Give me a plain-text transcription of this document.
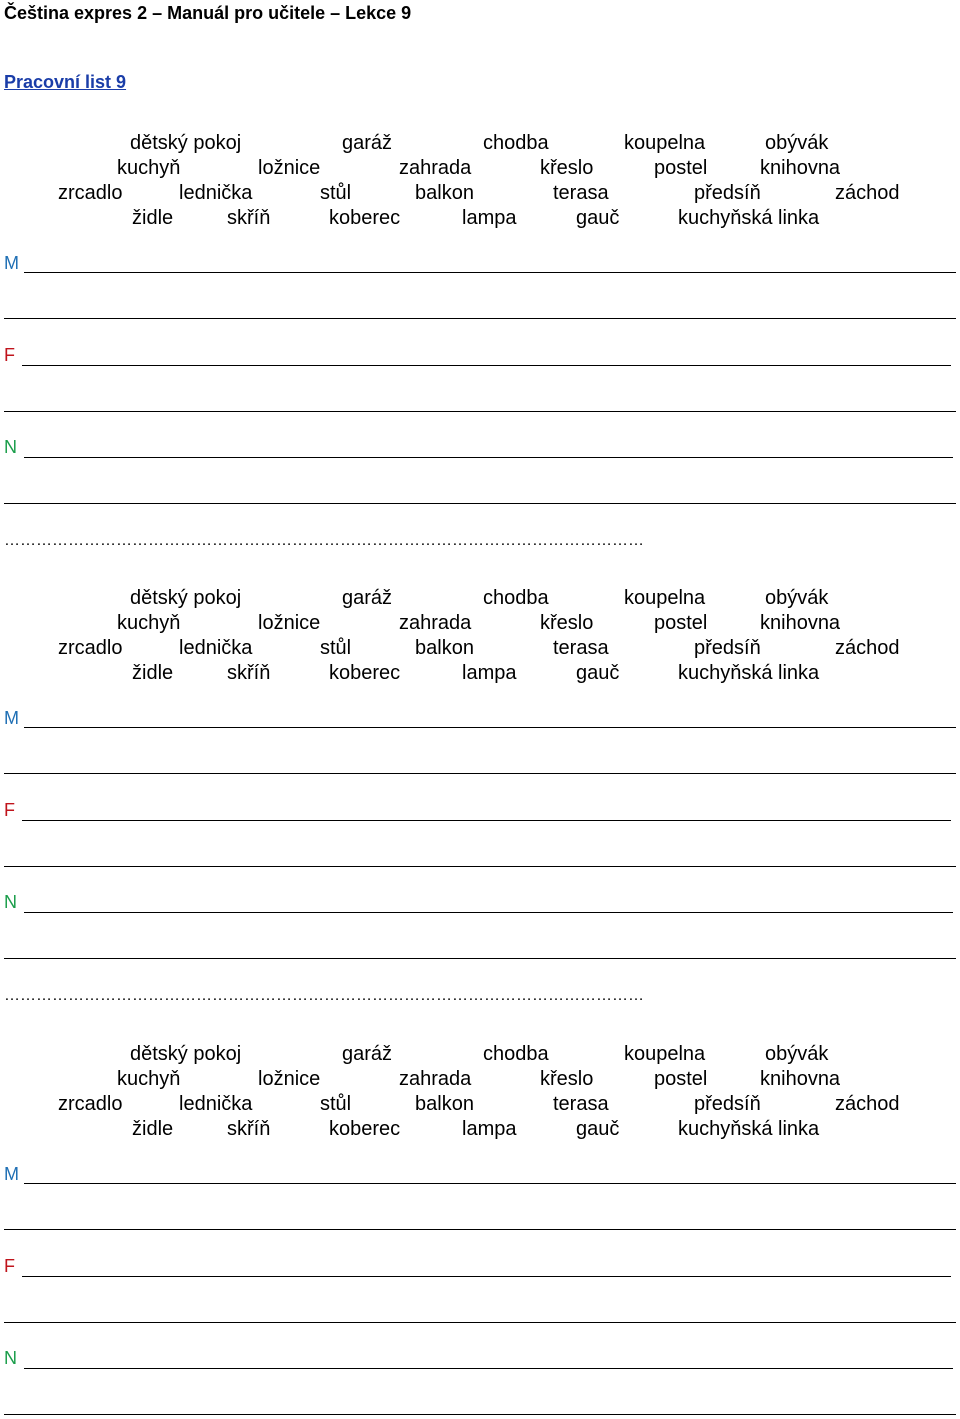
Čeština expres 2 – Manuál pro učitele – Lekce 9
Pracovní list 9
dětský pokoj	garáž	chodba	koupelna	obývák
kuchyň	ložnice	zahrada	křeslo	postel	knihovna
zrcadlo	lednička	stůl	balkon	terasa	předsíň	záchod
židle	skříň	koberec	lampa	gauč	kuchyňská linka
M
F
N
…………………………………………………………………………………………………………
dětský pokoj	garáž	chodba	koupelna	obývák
kuchyň	ložnice	zahrada	křeslo	postel	knihovna
zrcadlo	lednička	stůl	balkon	terasa	předsíň	záchod
židle	skříň	koberec	lampa	gauč	kuchyňská linka
M
F
N
…………………………………………………………………………………………………………
dětský pokoj	garáž	chodba	koupelna	obývák
kuchyň	ložnice	zahrada	křeslo	postel	knihovna
zrcadlo	lednička	stůl	balkon	terasa	předsíň	záchod
židle	skříň	koberec	lampa	gauč	kuchyňská linka
M
F
N
